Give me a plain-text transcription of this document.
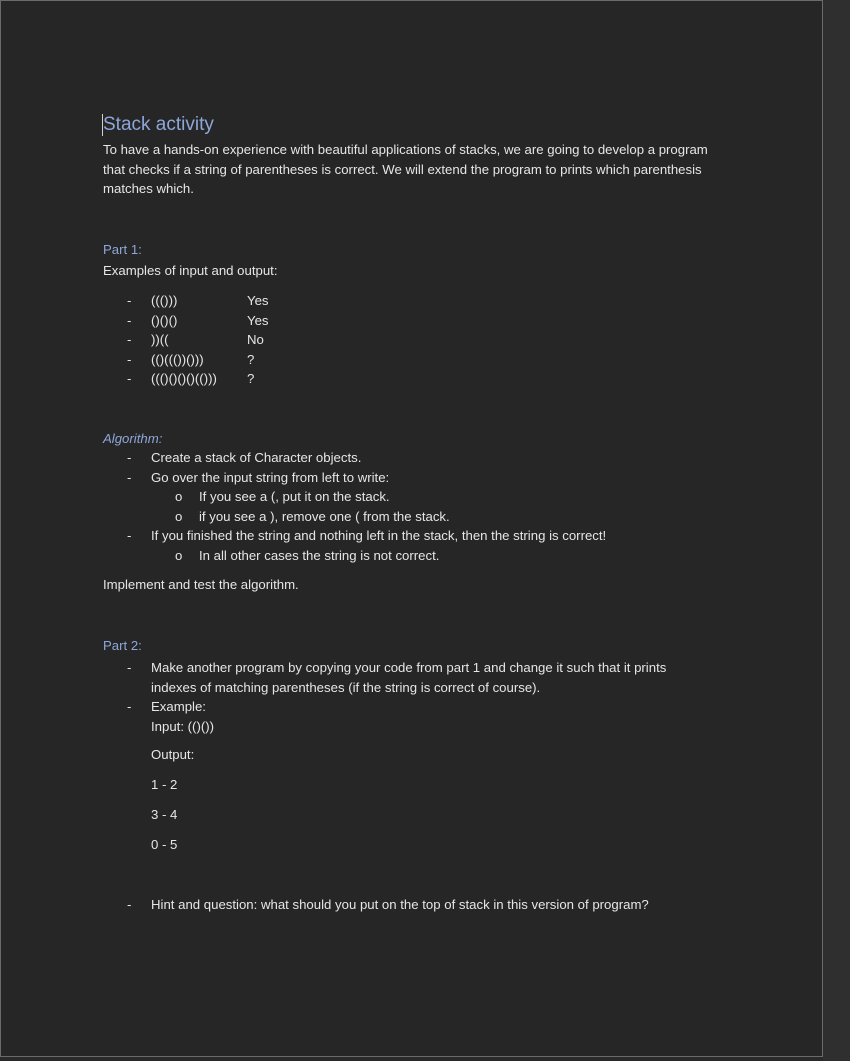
Stack activity

To have a hands-on experience with beautiful applications of stacks, we are going to develop a program

that checks if a string of parentheses is correct. We will extend the program to prints which parenthesis

matches which.

Part 1:
Examples of input and output:
- ((()))	Yes
- ()()()	Yes
- ))((	No
- (()((())()))	?
- ((()()()()(())) ?
Algorithm:
- Create a stack of Character objects.
- Go over the input string from left to write:
o If you see a (, put it on the stack.
o if you see a ), remove one ( from the stack.
- If you finished the string and nothing left in the stack, then the string is correct!
o In all other cases the string is not correct.
Implement and test the algorithm.
Part 2:
- Make another program by copying your code from part 1 and change it such that it prints
indexes of matching parentheses (if the string is correct of course).
- Example:
Input: (()())
Output:
1 - 2
3 - 4
0 - 5
- Hint and question: what should you put on the top of stack in this version of program?
